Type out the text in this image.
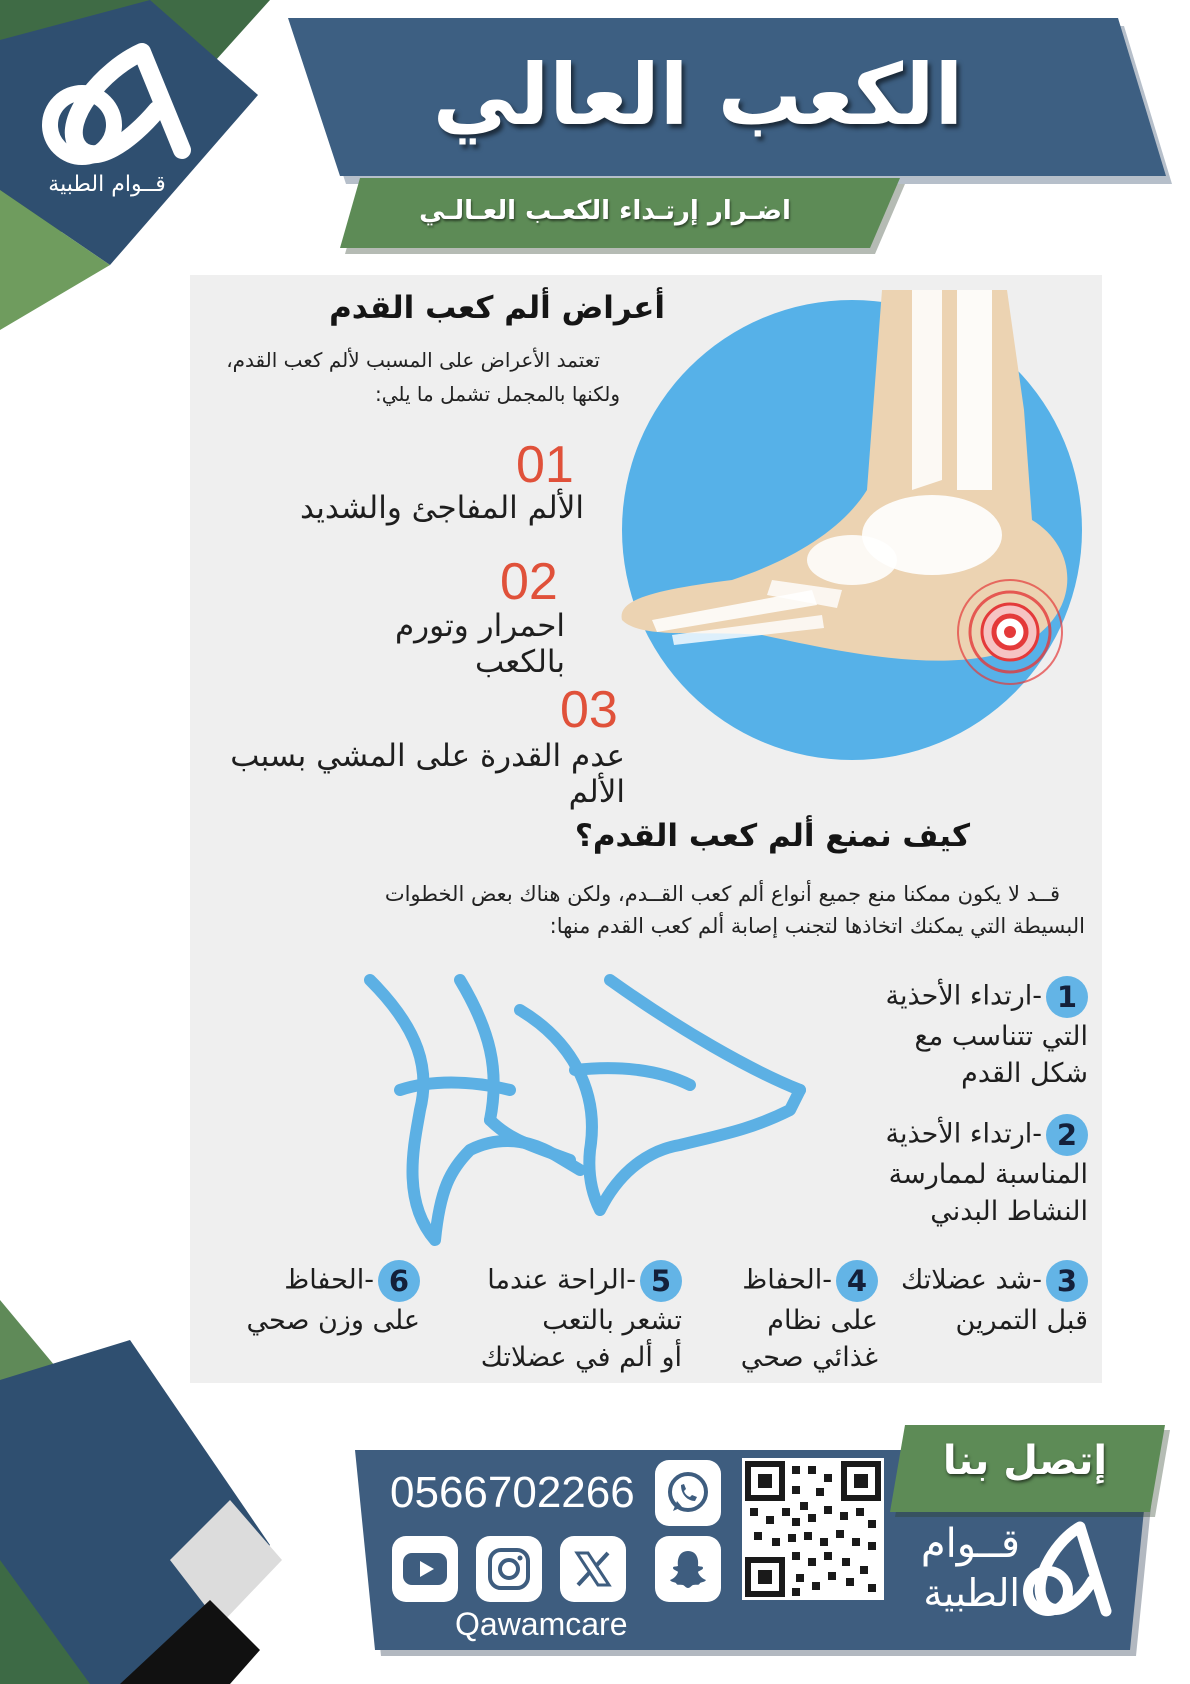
قــوام الطبية
الكعب العالي
اضـرار إرتـداء الكعـب العـالـي
أعراض ألم كعب القدم
تعتمد الأعراض على المسبب لألم كعب القدم،
ولكنها بالمجمل تشمل ما يلي:
01
الألم المفاجئ والشديد
02
احمرار وتورم بالكعب
03
عدم القدرة على المشي بسبب الألم
كيف نمنع ألم كعب القدم؟
قــد لا يكون ممكنا منع جميع أنواع ألم كعب القــدم، ولكن هناك بعض الخطوات
البسيطة التي يمكنك اتخاذها لتجنب إصابة ألم كعب القدم منها:
1-ارتداء الأحذية
التي تتناسب مع
شكل القدم
2-ارتداء الأحذية
المناسبة لممارسة
النشاط البدني
3-شد عضلاتك
قبل التمرين
4-الحفاظ
على نظام
غذائي صحي
5-الراحة عندما
تشعر بالتعب
أو ألم في عضلاتك
6-الحفاظ
على وزن صحي
إتصل بنا
0566702266
Qawamcare
قــوام
الطبية
